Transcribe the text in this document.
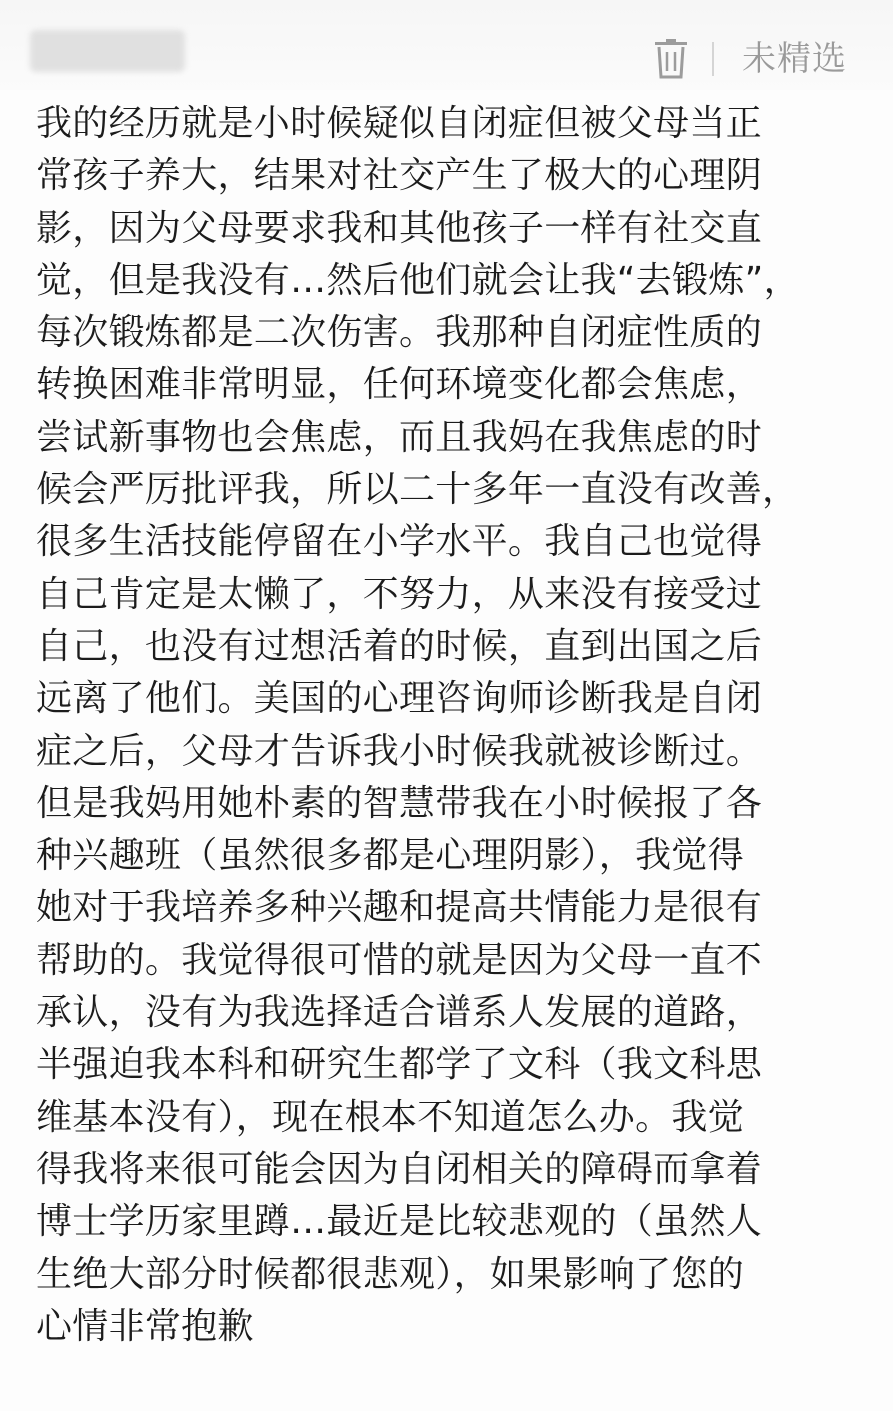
未精选
我的经历就是小时候疑似自闭症但被父母当正
常孩子养大，结果对社交产生了极大的心理阴
影，因为父母要求我和其他孩子一样有社交直
觉，但是我没有…然后他们就会让我“去锻炼”，
每次锻炼都是二次伤害。我那种自闭症性质的
转换困难非常明显，任何环境变化都会焦虑，
尝试新事物也会焦虑，而且我妈在我焦虑的时
候会严厉批评我，所以二十多年一直没有改善，
很多生活技能停留在小学水平。我自己也觉得
自己肯定是太懒了，不努力，从来没有接受过
自己，也没有过想活着的时候，直到出国之后
远离了他们。美国的心理咨询师诊断我是自闭
症之后，父母才告诉我小时候我就被诊断过。
但是我妈用她朴素的智慧带我在小时候报了各
种兴趣班（虽然很多都是心理阴影），我觉得
她对于我培养多种兴趣和提高共情能力是很有
帮助的。我觉得很可惜的就是因为父母一直不
承认，没有为我选择适合谱系人发展的道路，
半强迫我本科和研究生都学了文科（我文科思
维基本没有），现在根本不知道怎么办。我觉
得我将来很可能会因为自闭相关的障碍而拿着
博士学历家里蹲…最近是比较悲观的（虽然人
生绝大部分时候都很悲观），如果影响了您的
心情非常抱歉
